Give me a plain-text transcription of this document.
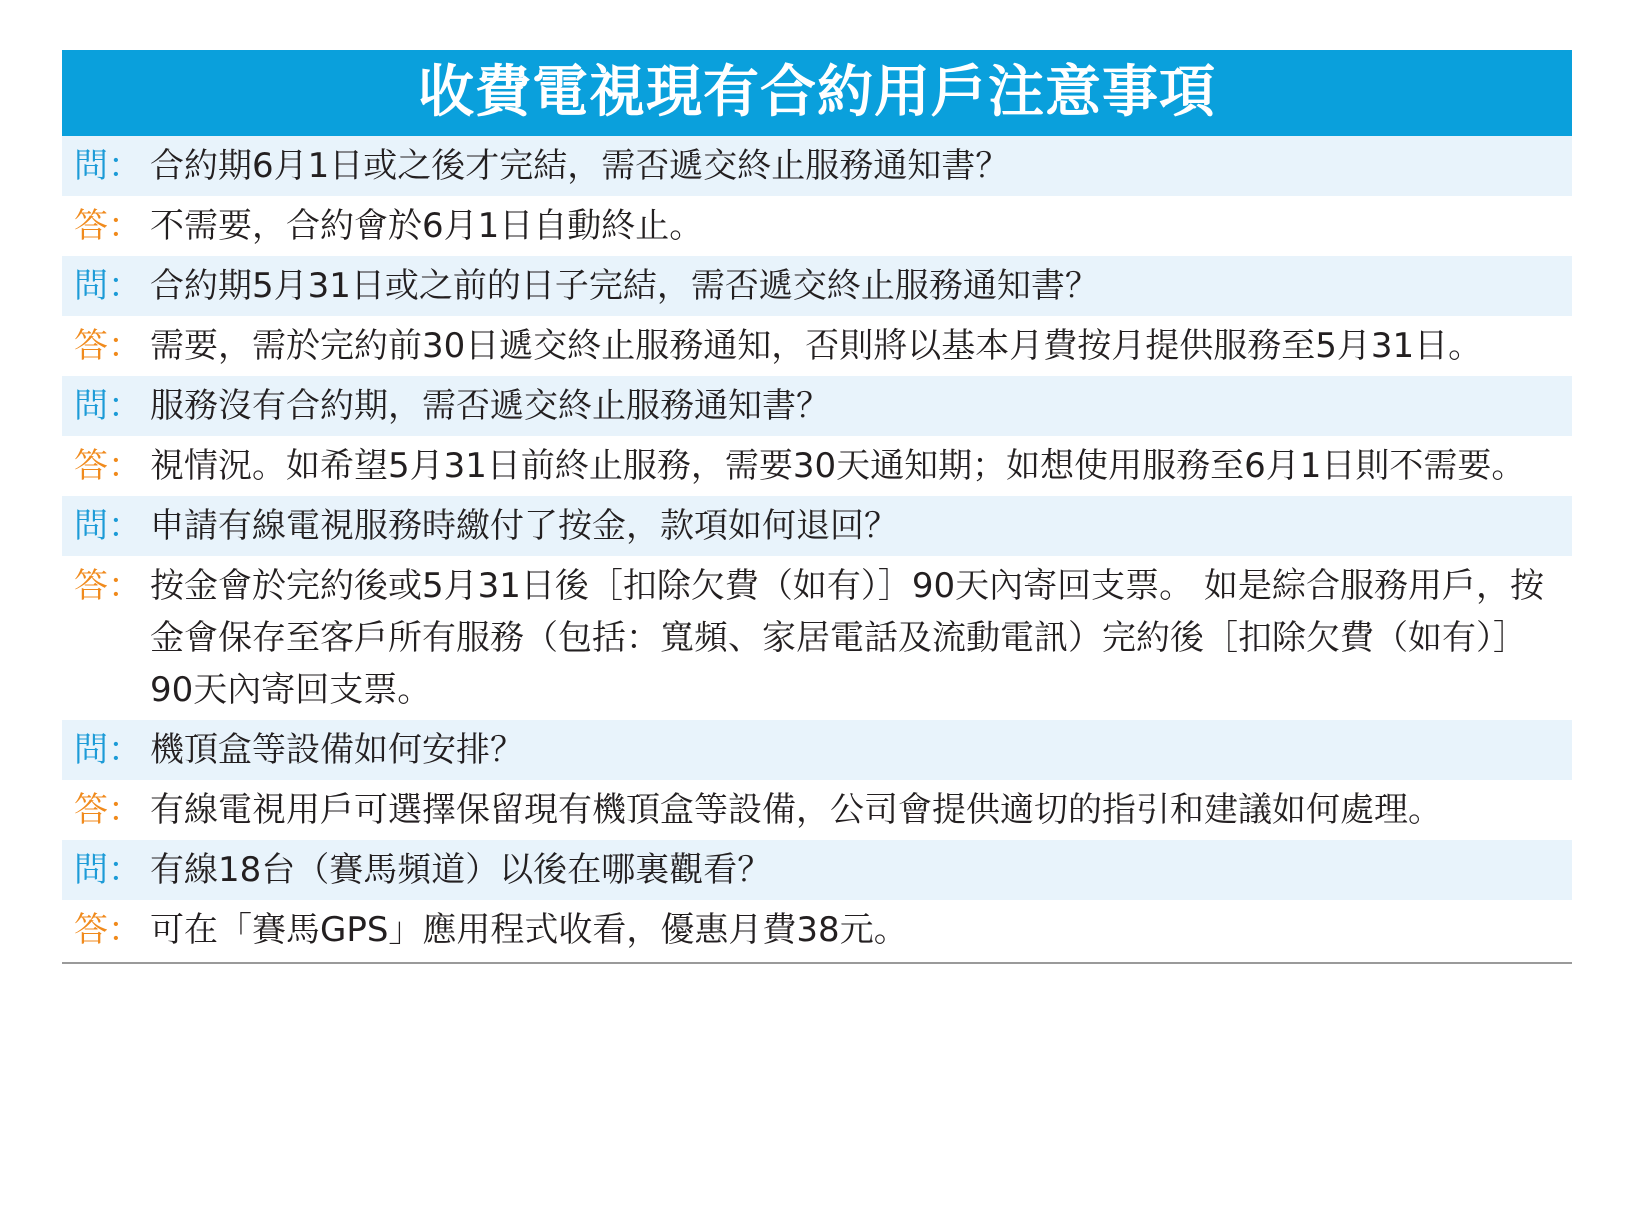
收費電視現有合約用戶注意事項
問： 合約期6月1日或之後才完結，需否遞交終止服務通知書？
答： 不需要，合約會於6月1日自動終止。
問： 合約期5月31日或之前的日子完結，需否遞交終止服務通知書？
答： 需要，需於完約前30日遞交終止服務通知，否則將以基本月費按月提供服務至5月31日。
問： 服務沒有合約期，需否遞交終止服務通知書？
答： 視情況。如希望5月31日前終止服務，需要30天通知期；如想使用服務至6月1日則不需要。
問： 申請有線電視服務時繳付了按金，款項如何退回？
答： 按金會於完約後或5月31日後［扣除欠費（如有）］90天內寄回支票。 如是綜合服務用戶，按金會保存至客戶所有服務（包括：寬頻、家居電話及流動電訊）完約後［扣除欠費（如有）］90天內寄回支票。
問： 機頂盒等設備如何安排？
答： 有線電視用戶可選擇保留現有機頂盒等設備，公司會提供適切的指引和建議如何處理。
問： 有線18台（賽馬頻道）以後在哪裏觀看？
答： 可在「賽馬GPS」應用程式收看，優惠月費38元。
